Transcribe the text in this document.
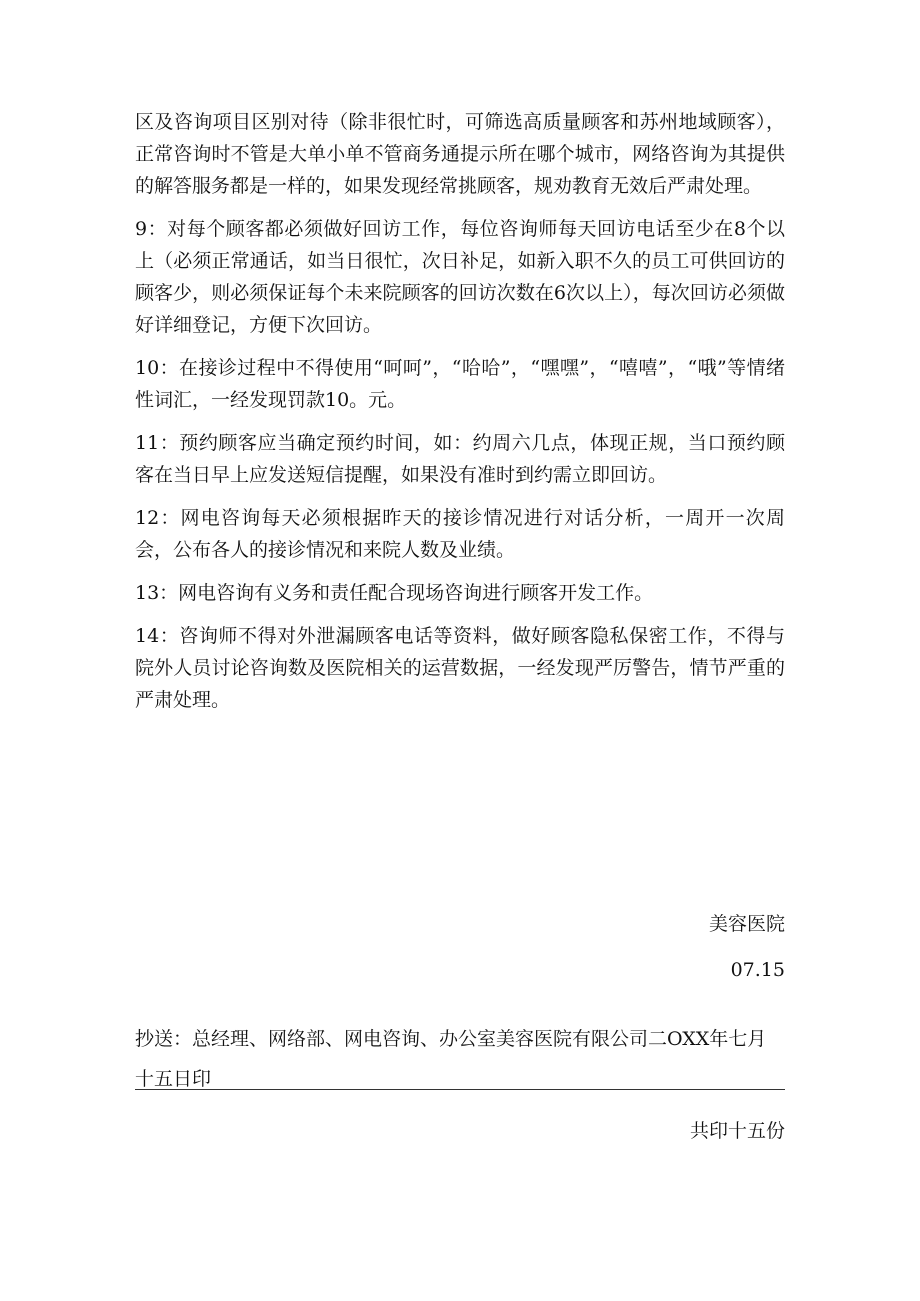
区及咨询项目区别对待（除非很忙时，可筛选高质量顾客和苏州地域顾客），正常咨询时不管是大单小单不管商务通提示所在哪个城市，网络咨询为其提供的解答服务都是一样的，如果发现经常挑顾客，规劝教育无效后严肃处理。

9：对每个顾客都必须做好回访工作，每位咨询师每天回访电话至少在8个以上（必须正常通话，如当日很忙，次日补足，如新入职不久的员工可供回访的顾客少，则必须保证每个未来院顾客的回访次数在6次以上），每次回访必须做好详细登记，方便下次回访。

10：在接诊过程中不得使用“呵呵”，“哈哈”，“嘿嘿”，“嘻嘻”，“哦”等情绪性词汇，一经发现罚款10。元。

11：预约顾客应当确定预约时间，如：约周六几点，体现正规，当口预约顾客在当日早上应发送短信提醒，如果没有准时到约需立即回访。

12：网电咨询每天必须根据昨天的接诊情况进行对话分析，一周开一次周会，公布各人的接诊情况和来院人数及业绩。

13：网电咨询有义务和责任配合现场咨询进行顾客开发工作。

14：咨询师不得对外泄漏顾客电话等资料，做好顾客隐私保密工作，不得与院外人员讨论咨询数及医院相关的运营数据，一经发现严厉警告，情节严重的严肃处理。

美容医院
07.15
抄送：总经理、网络部、网电咨询、办公室美容医院有限公司二OXX年七月十五日印
共印十五份
